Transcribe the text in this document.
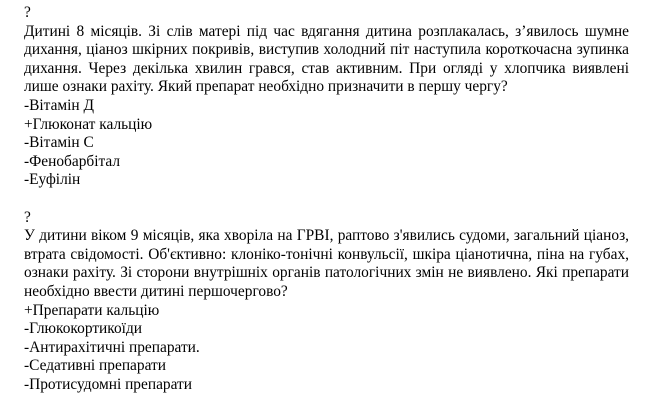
?
Дитині 8 місяців. Зі слів матері під час вдягання дитина розплакалась, з’явилось шумне дихання, ціаноз шкірних покривів, виступив холодний піт наступила короткочасна зупинка дихання. Через декілька хвилин грався, став активним. При огляді у хлопчика виявлені лише ознаки рахіту. Який препарат необхідно призначити в першу чергу?
-Вітамін Д
+Глюконат кальцію
-Вітамін С
-Фенобарбітал
-Еуфілін
?
У дитини віком 9 місяців, яка хворіла на ГРВІ, раптово з'явились судоми, загальний ціаноз, втрата свідомості. Об'єктивно: клоніко-тонічні конвульсії, шкіра ціанотична, піна на губах, ознаки рахіту. Зі сторони внутрішніх органів патологічних змін не виявлено. Які препарати необхідно ввести дитині першочергово?
+Препарати кальцію
-Глюкокортикоїди
-Антирахітичні препарати.
-Седативні препарати
-Протисудомні препарати
